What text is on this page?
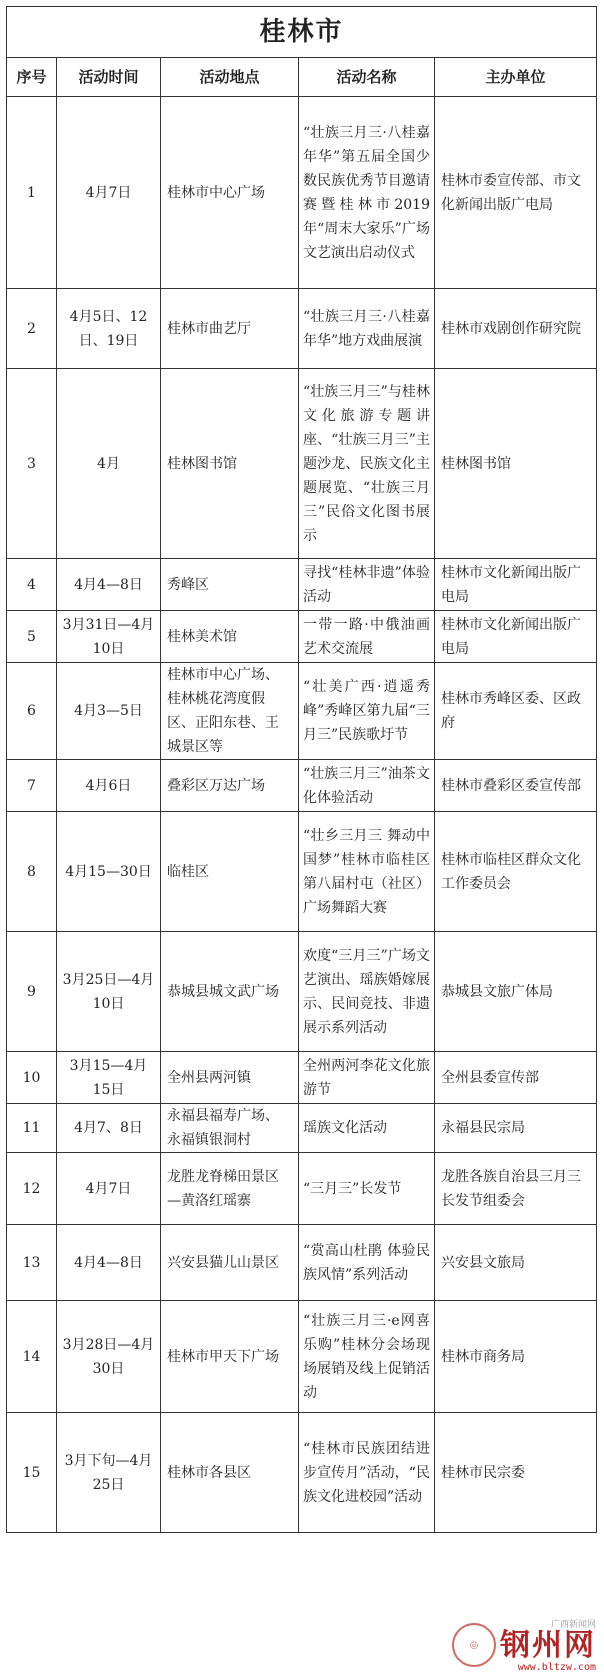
桂林市				
序号	活动时间	活动地点	活动名称	主办单位
1	4月7日	桂林市中心广场	“壮族三月三·八桂嘉年华”第五届全国少数民族优秀节目邀请赛暨桂林市2019年“周末大家乐”广场文艺演出启动仪式	桂林市委宣传部、市文化新闻出版广电局
2	4月5日、12日、19日	桂林市曲艺厅	“壮族三月三·八桂嘉年华”地方戏曲展演	桂林市戏剧创作研究院
3	4月	桂林图书馆	“壮族三月三”与桂林文化旅游专题讲座、“壮族三月三”主题沙龙、民族文化主题展览、“壮族三月三”民俗文化图书展示	桂林图书馆
4	4月4—8日	秀峰区	寻找“桂林非遗”体验活动	桂林市文化新闻出版广电局
5	3月31日—4月10日	桂林美术馆	一带一路·中俄油画艺术交流展	桂林市文化新闻出版广电局
6	4月3—5日	桂林市中心广场、桂林桃花湾度假区、正阳东巷、王城景区等	“壮美广西·逍遥秀峰”秀峰区第九届“三月三”民族歌圩节	桂林市秀峰区委、区政府
7	4月6日	叠彩区万达广场	“壮族三月三”油茶文化体验活动	桂林市叠彩区委宣传部
8	4月15—30日	临桂区	“壮乡三月三 舞动中国梦”桂林市临桂区第八届村屯（社区）广场舞蹈大赛	桂林市临桂区群众文化工作委员会
9	3月25日—4月10日	恭城县城文武广场	欢度“三月三”广场文艺演出、瑶族婚嫁展示、民间竞技、非遗展示系列活动	恭城县文旅广体局
10	3月15—4月15日	全州县两河镇	全州两河李花文化旅游节	全州县委宣传部
11	4月7、8日	永福县福寿广场、永福镇银洞村	瑶族文化活动	永福县民宗局
12	4月7日	龙胜龙脊梯田景区—黄洛红瑶寨	“三月三”长发节	龙胜各族自治县三月三长发节组委会
13	4月4—8日	兴安县猫儿山景区	“赏高山杜鹃 体验民族风情”系列活动	兴安县文旅局
14	3月28日—4月30日	桂林市甲天下广场	“壮族三月三·e网喜乐购”桂林分会场现场展销及线上促销活动	桂林市商务局
15	3月下旬—4月25日	桂林市各县区	“桂林市民族团结进步宣传月”活动，“民族文化进校园”活动	桂林市民宗委
◎
广西新闻网
钢州网
www.bltzw.com
